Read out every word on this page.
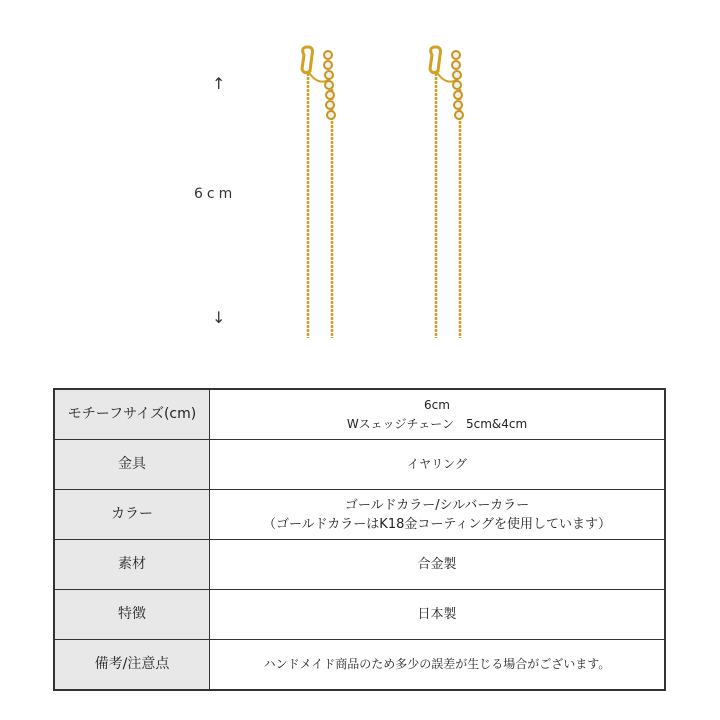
↑
6cm
↓
モチーフサイズ(cm)	6cm
Wスェッジチェーン　5cm&4cm

金具	イヤリング
カラー	ゴールドカラー/シルバーカラー
（ゴールドカラーはK18金コーティングを使用しています）

素材	合金製
特徴	日本製
備考/注意点	ハンドメイド商品のため多少の誤差が生じる場合がございます。
